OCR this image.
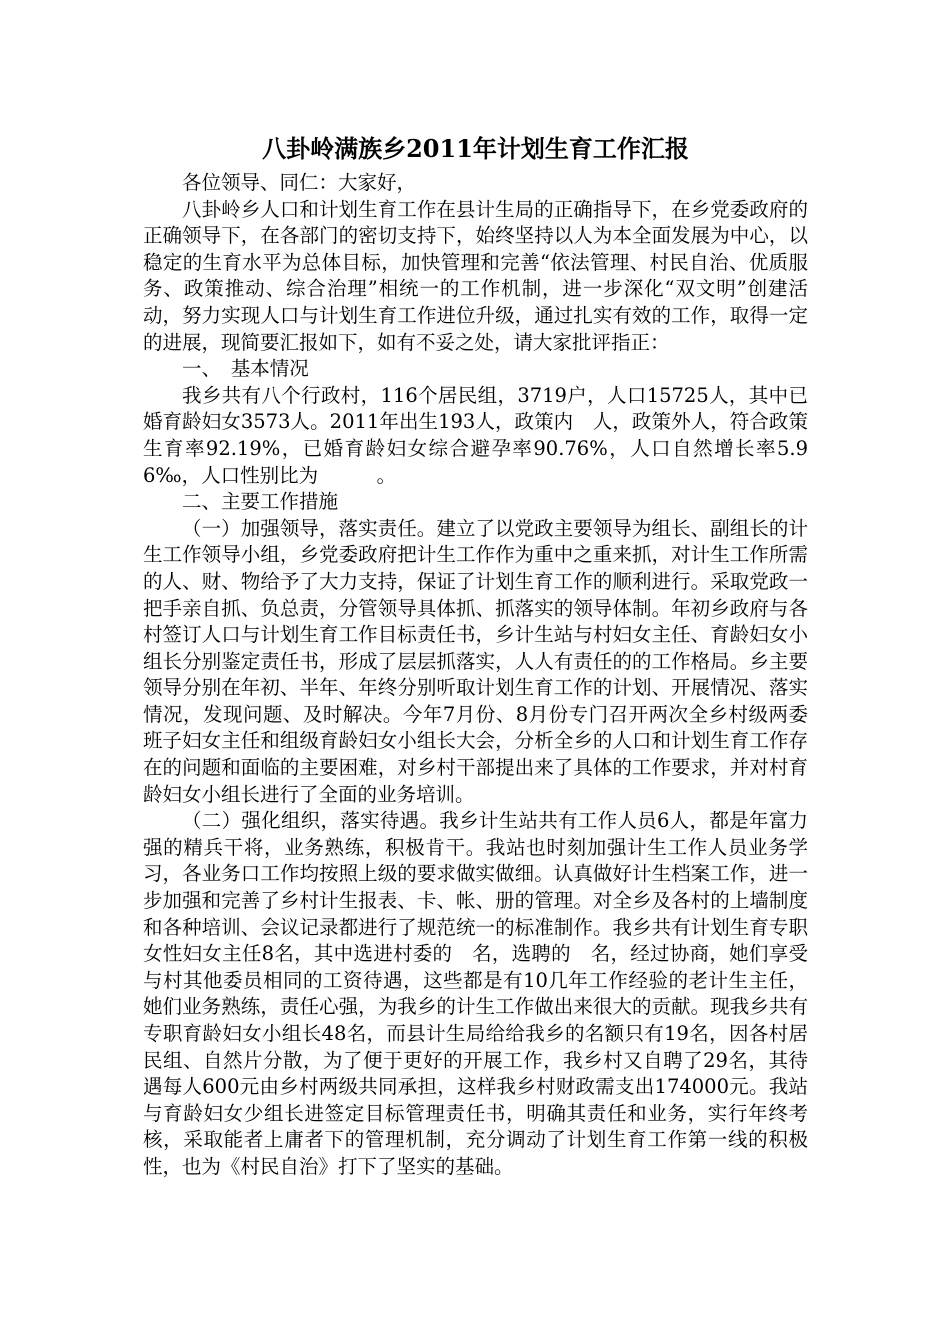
八卦岭满族乡2011年计划生育工作汇报

各位领导、同仁：大家好，

八卦岭乡人口和计划生育工作在县计生局的正确指导下，在乡党委政府的正确领导下，在各部门的密切支持下，始终坚持以人为本全面发展为中心，以稳定的生育水平为总体目标，加快管理和完善“依法管理、村民自治、优质服务、政策推动、综合治理”相统一的工作机制，进一步深化“双文明”创建活动，努力实现人口与计划生育工作进位升级，通过扎实有效的工作，取得一定的进展，现简要汇报如下，如有不妥之处，请大家批评指正：

一、　基本情况

我乡共有八个行政村，116个居民组，3719户，人口15725人，其中已婚育龄妇女3573人。2011年出生193人，政策内　人，政策外人，符合政策生育率92.19%，已婚育龄妇女综合避孕率90.76%，人口自然增长率5.96‰，人口性别比为　　　。

二、主要工作措施

（一）加强领导，落实责任。建立了以党政主要领导为组长、副组长的计生工作领导小组，乡党委政府把计生工作作为重中之重来抓，对计生工作所需的人、财、物给予了大力支持，保证了计划生育工作的顺利进行。采取党政一把手亲自抓、负总责，分管领导具体抓、抓落实的领导体制。年初乡政府与各村签订人口与计划生育工作目标责任书，乡计生站与村妇女主任、育龄妇女小组长分别鉴定责任书，形成了层层抓落实，人人有责任的的工作格局。乡主要领导分别在年初、半年、年终分别听取计划生育工作的计划、开展情况、落实情况，发现问题、及时解决。今年7月份、8月份专门召开两次全乡村级两委班子妇女主任和组级育龄妇女小组长大会，分析全乡的人口和计划生育工作存在的问题和面临的主要困难，对乡村干部提出来了具体的工作要求，并对村育龄妇女小组长进行了全面的业务培训。

（二）强化组织，落实待遇。我乡计生站共有工作人员6人，都是年富力强的精兵干将，业务熟练，积极肯干。我站也时刻加强计生工作人员业务学习，各业务口工作均按照上级的要求做实做细。认真做好计生档案工作，进一步加强和完善了乡村计生报表、卡、帐、册的管理。对全乡及各村的上墙制度和各种培训、会议记录都进行了规范统一的标准制作。我乡共有计划生育专职女性妇女主任8名，其中选进村委的　名，选聘的　名，经过协商，她们享受与村其他委员相同的工资待遇，这些都是有10几年工作经验的老计生主任，她们业务熟练，责任心强，为我乡的计生工作做出来很大的贡献。现我乡共有专职育龄妇女小组长48名，而县计生局给给我乡的名额只有19名，因各村居民组、自然片分散，为了便于更好的开展工作，我乡村又自聘了29名，其待遇每人600元由乡村两级共同承担，这样我乡村财政需支出174000元。我站与育龄妇女少组长进签定目标管理责任书，明确其责任和业务，实行年终考核，采取能者上庸者下的管理机制，充分调动了计划生育工作第一线的积极性，也为《村民自治》打下了坚实的基础。
